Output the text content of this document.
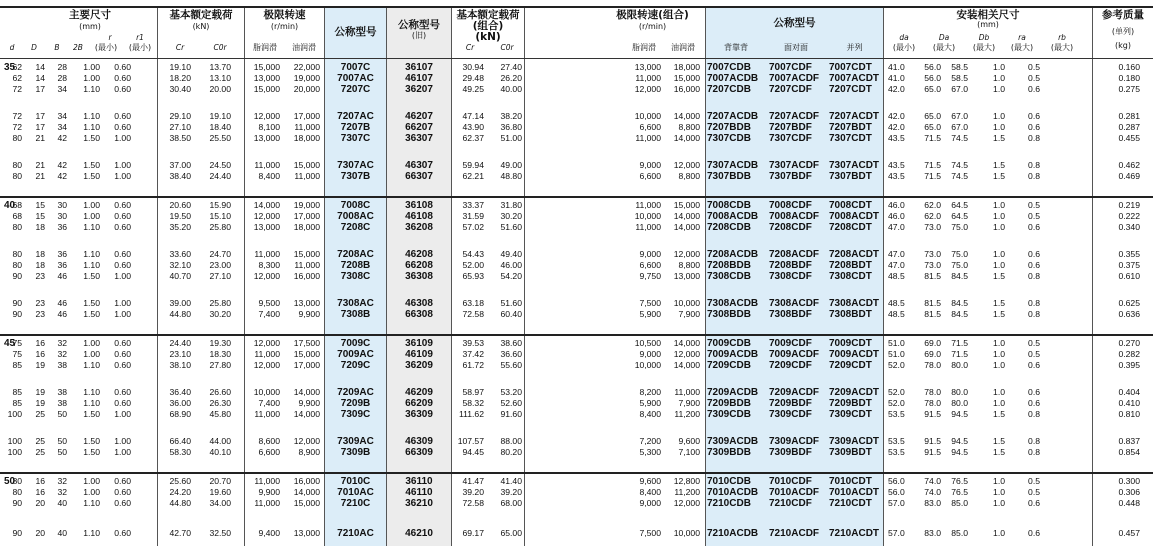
主要尺寸
(mm)
d	D	B	2B
r
(最小)
r1
(最小)
基本额定载荷
(kN)
Cr	C0r
极限转速
(r/min)
脂润滑	油润滑
公称型号
公称型号
(旧)
基本额定载荷(组合)
(kN)
Cr	C0r
极限转速(组合)
(r/min)
脂润滑	油润滑
公称型号
背靠背	面对面	并列
安装相关尺寸
(mm)
da
(最小)
Da
(最大)
Db
(最大)
ra
(最大)
rb
(最大)
参考质量
(单列)
(kg)
35
40
45
50
62	14	28	1.00	0.60	19.10	13.70	15,000	22,000	7007C	36107	30.94	27.40	13,000	18,000 7007CDB 7007CDF 7007CDT 41.0	56.0	58.5	1.0	0.5	0.160
62	14	28	1.00	0.60	18.20	13.10	13,000	19,000	7007AC	46107	29.48	26.20	11,000	15,000 7007ACDB 7007ACDF 7007ACDT 41.0	56.0	58.5	1.0	0.5	0.180
72	17	34	1.10	0.60	30.40	20.00	15,000	20,000	7207C	36207	49.25	40.00	12,000	16,000 7207CDB 7207CDF 7207CDT 42.0	65.0	67.0	1.0	0.6	0.275
72	17	34	1.10	0.60	29.10	19.10	12,000	17,000	7207AC	46207	47.14	38.20	10,000	14,000 7207ACDB 7207ACDF 7207ACDT 42.0	65.0	67.0	1.0	0.6	0.281
72	17	34	1.10	0.60	27.10	18.40	8,100	11,000	7207B	66207	43.90	36.80	6,600	8,800 7207BDB 7207BDF 7207BDT 42.0	65.0	67.0	1.0	0.6	0.287
80	21	42	1.50	1.00	38.50	25.50	13,000	18,000	7307C	36307	62.37	51.00	11,000	14,000 7307CDB 7307CDF 7307CDT 43.5	71.5	74.5	1.5	0.8	0.455
80	21	42	1.50	1.00	37.00	24.50	11,000	15,000	7307AC	46307	59.94	49.00	9,000	12,000 7307ACDB 7307ACDF 7307ACDT 43.5	71.5	74.5	1.5	0.8	0.462
80	21	42	1.50	1.00	38.40	24.40	8,400	11,000	7307B	66307	62.21	48.80	6,600	8,800 7307BDB 7307BDF 7307BDT 43.5	71.5	74.5	1.5	0.8	0.469
68	15	30	1.00	0.60	20.60	15.90	14,000	19,000	7008C	36108	33.37	31.80	11,000	15,000 7008CDB 7008CDF 7008CDT 46.0	62.0	64.5	1.0	0.5	0.219
68	15	30	1.00	0.60	19.50	15.10	12,000	17,000	7008AC	46108	31.59	30.20	10,000	14,000 7008ACDB 7008ACDF 7008ACDT 46.0	62.0	64.5	1.0	0.5	0.222
80	18	36	1.10	0.60	35.20	25.80	13,000	18,000	7208C	36208	57.02	51.60	11,000	14,000 7208CDB 7208CDF 7208CDT 47.0	73.0	75.0	1.0	0.6	0.340
80	18	36	1.10	0.60	33.60	24.70	11,000	15,000	7208AC	46208	54.43	49.40	9,000	12,000 7208ACDB 7208ACDF 7208ACDT 47.0	73.0	75.0	1.0	0.6	0.355
80	18	36	1.10	0.60	32.10	23.00	8,300	11,000	7208B	66208	52.00	46.00	6,600	8,800 7208BDB 7208BDF 7208BDT 47.0	73.0	75.0	1.0	0.6	0.375
90	23	46	1.50	1.00	40.70	27.10	12,000	16,000	7308C	36308	65.93	54.20	9,750	13,000 7308CDB 7308CDF 7308CDT 48.5	81.5	84.5	1.5	0.8	0.610
90	23	46	1.50	1.00	39.00	25.80	9,500	13,000	7308AC	46308	63.18	51.60	7,500	10,000 7308ACDB 7308ACDF 7308ACDT 48.5	81.5	84.5	1.5	0.8	0.625
90	23	46	1.50	1.00	44.80	30.20	7,400	9,900	7308B	66308	72.58	60.40	5,900	7,900 7308BDB 7308BDF 7308BDT 48.5	81.5	84.5	1.5	0.8	0.636
75	16	32	1.00	0.60	24.40	19.30	12,000	17,500	7009C	36109	39.53	38.60	10,500	14,000 7009CDB 7009CDF 7009CDT 51.0	69.0	71.5	1.0	0.5	0.270
75	16	32	1.00	0.60	23.10	18.30	11,000	15,000	7009AC	46109	37.42	36.60	9,000	12,000 7009ACDB 7009ACDF 7009ACDT 51.0	69.0	71.5	1.0	0.5	0.282
85	19	38	1.10	0.60	38.10	27.80	12,000	17,000	7209C	36209	61.72	55.60	10,000	14,000 7209CDB 7209CDF 7209CDT 52.0	78.0	80.0	1.0	0.6	0.395
85	19	38	1.10	0.60	36.40	26.60	10,000	14,000	7209AC	46209	58.97	53.20	8,200	11,000 7209ACDB 7209ACDF 7209ACDT 52.0	78.0	80.0	1.0	0.6	0.404
85	19	38	1.10	0.60	36.00	26.30	7,400	9,900	7209B	66209	58.32	52.60	5,900	7,900 7209BDB 7209BDF 7209BDT 52.0	78.0	80.0	1.0	0.6	0.410
100	25	50	1.50	1.00	68.90	45.80	11,000	14,000	7309C	36309	111.62	91.60	8,400	11,200 7309CDB 7309CDF 7309CDT 53.5	91.5	94.5	1.5	0.8	0.810
100	25	50	1.50	1.00	66.40	44.00	8,600	12,000	7309AC	46309	107.57	88.00	7,200	9,600 7309ACDB 7309ACDF 7309ACDT 53.5	91.5	94.5	1.5	0.8	0.837
100	25	50	1.50	1.00	58.30	40.10	6,600	8,900	7309B	66309	94.45	80.20	5,300	7,100 7309BDB 7309BDF 7309BDT 53.5	91.5	94.5	1.5	0.8	0.854
80	16	32	1.00	0.60	25.60	20.70	11,000	16,000	7010C	36110	41.47	41.40	9,600	12,800 7010CDB 7010CDF 7010CDT 56.0	74.0	76.5	1.0	0.5	0.300
80	16	32	1.00	0.60	24.20	19.60	9,900	14,000	7010AC	46110	39.20	39.20	8,400	11,200 7010ACDB 7010ACDF 7010ACDT 56.0	74.0	76.5	1.0	0.5	0.306
90	20	40	1.10	0.60	44.80	34.00	11,000	15,000	7210C	36210	72.58	68.00	9,000	12,000 7210CDB 7210CDF 7210CDT 57.0	83.0	85.0	1.0	0.6	0.448
90	20	40	1.10	0.60	42.70	32.50	9,400	13,000	7210AC	46210	69.17	65.00	7,500	10,000 7210ACDB 7210ACDF 7210ACDT 57.0	83.0	85.0	1.0	0.6	0.457
